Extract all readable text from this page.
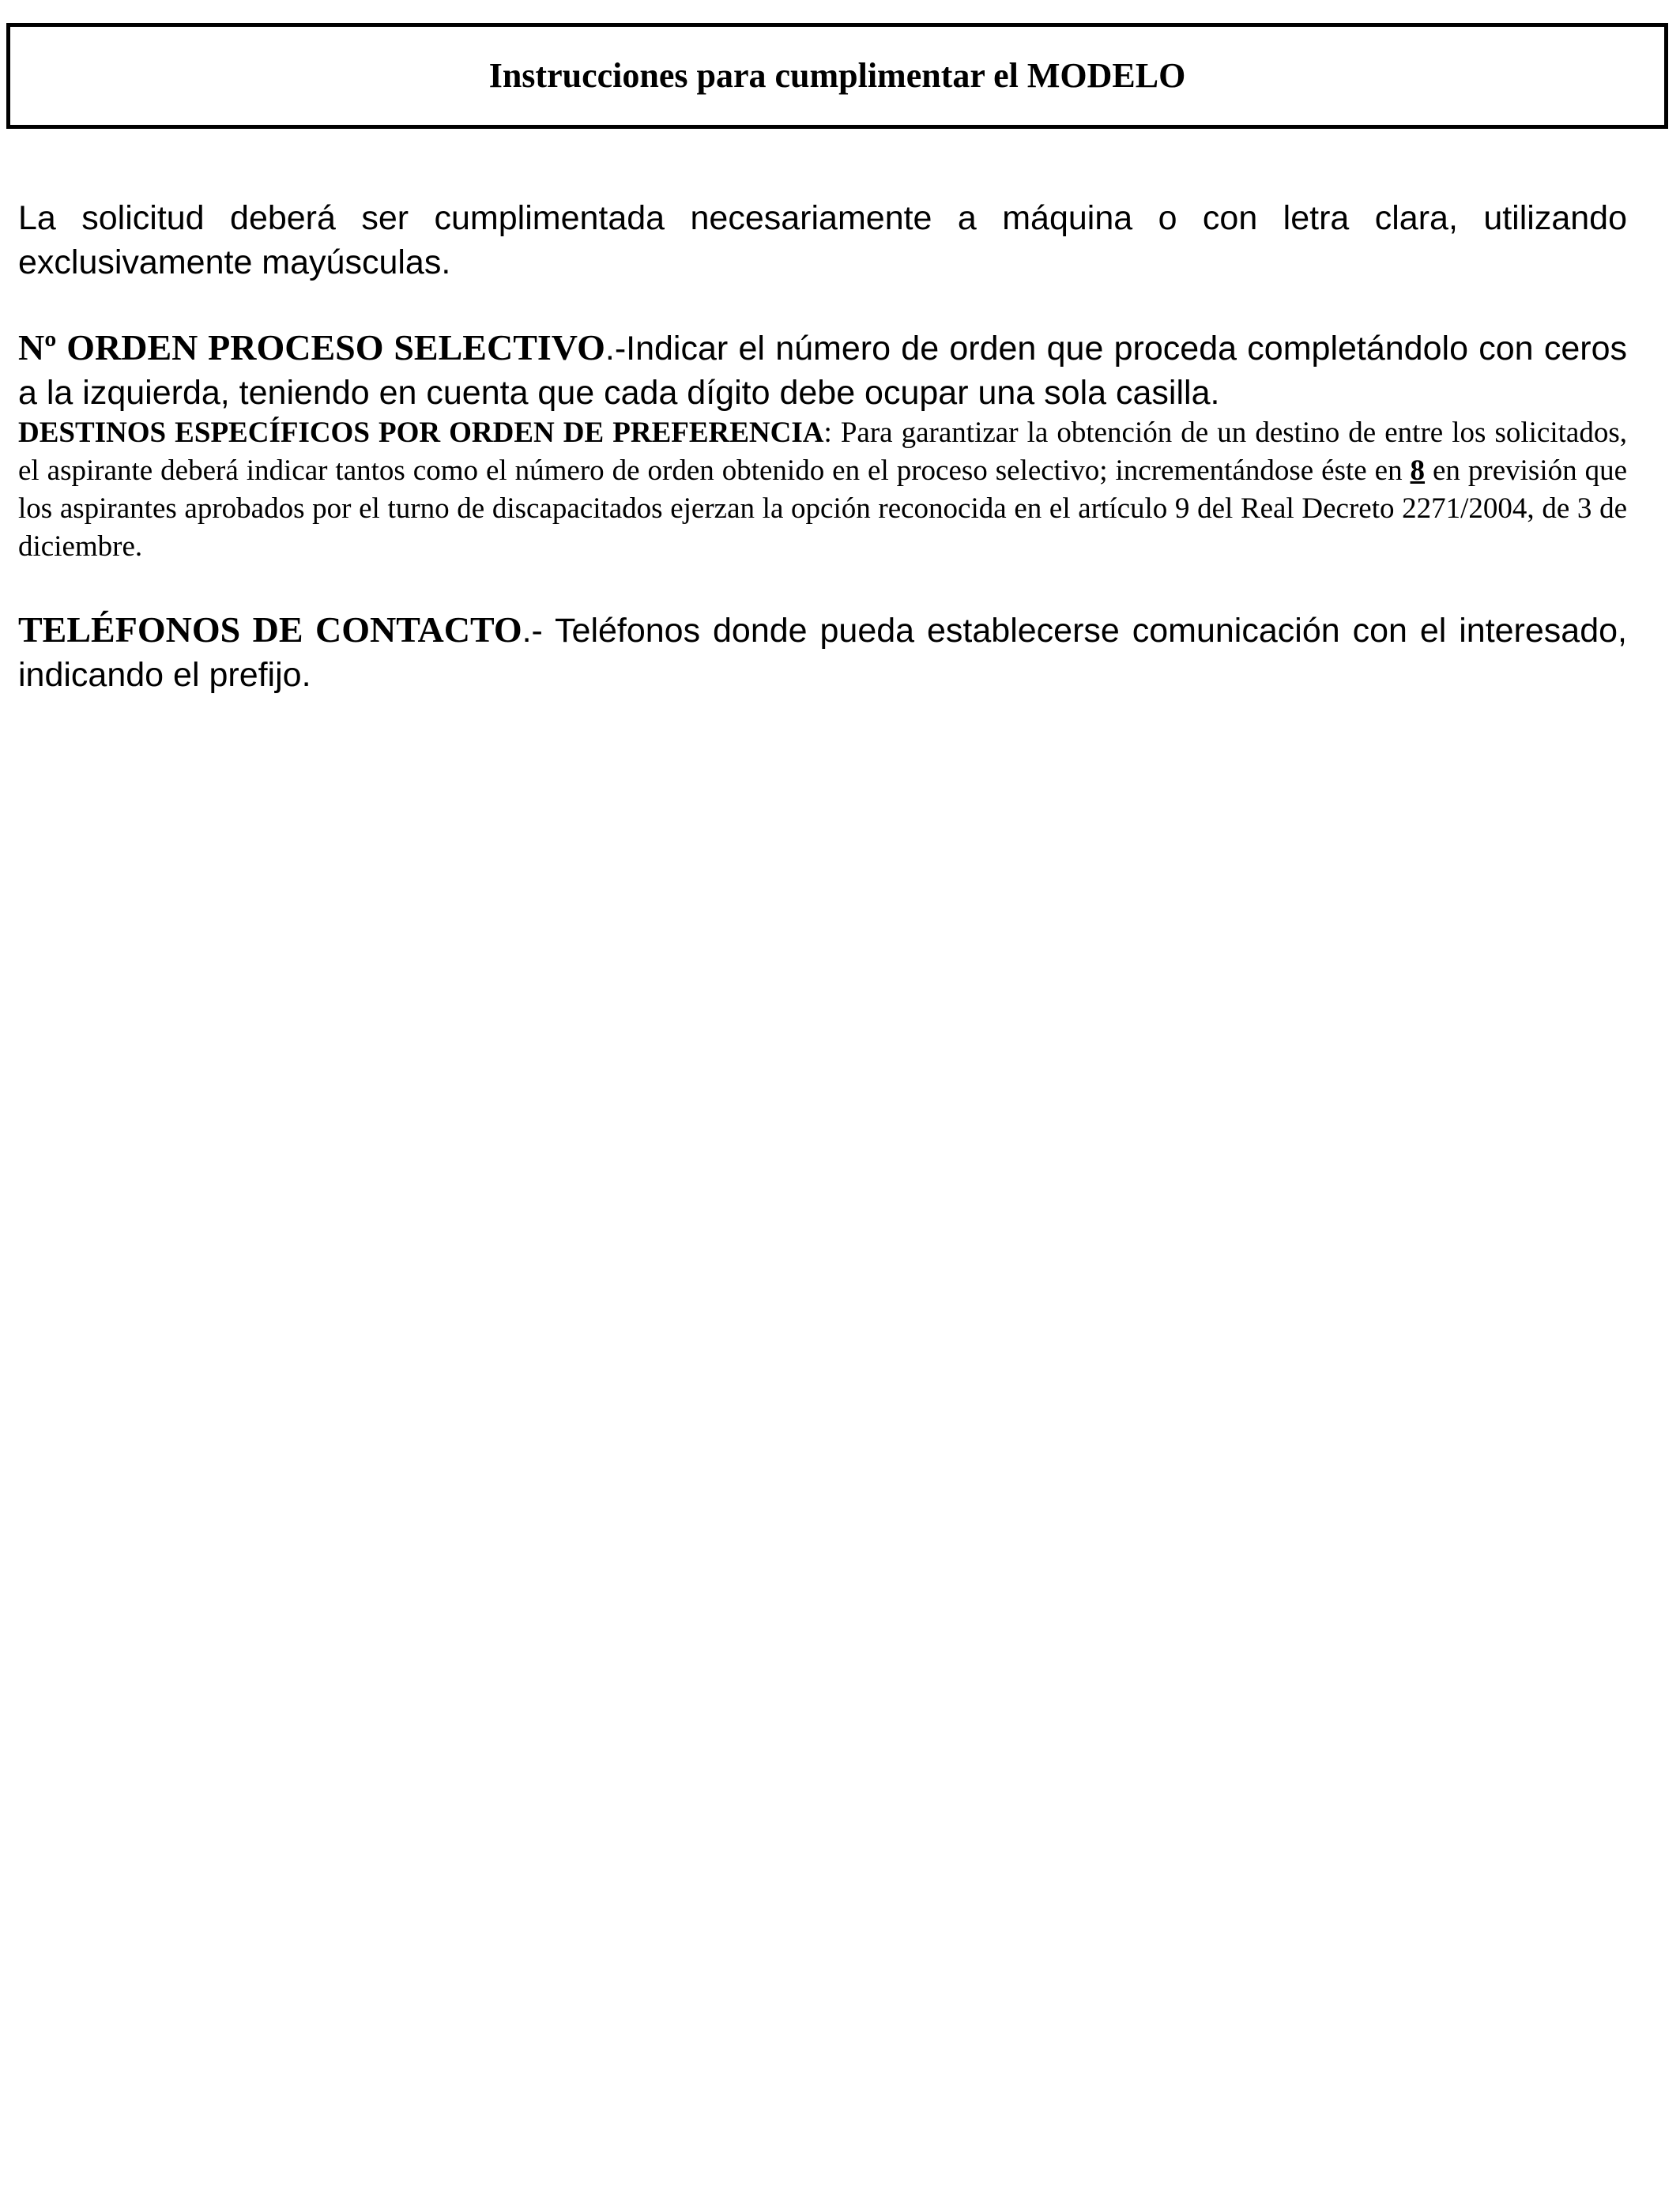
Instrucciones para cumplimentar el MODELO

La solicitud deberá ser cumplimentada necesariamente a máquina o con letra clara, utilizando exclusivamente mayúsculas.

Nº ORDEN PROCESO SELECTIVO.-Indicar el número de orden que proceda completándolo con ceros a la izquierda, teniendo en cuenta que cada dígito debe ocupar una sola casilla.

DESTINOS ESPECÍFICOS POR ORDEN DE PREFERENCIA: Para garantizar la obtención de un destino de entre los solicitados, el aspirante deberá indicar tantos como el número de orden obtenido en el proceso selectivo; incrementándose éste en 8 en previsión que los aspirantes aprobados por el turno de discapacitados ejerzan la opción reconocida en el artículo 9 del Real Decreto 2271/2004, de 3 de diciembre.

TELÉFONOS DE CONTACTO.- Teléfonos donde pueda establecerse comunicación con el interesado, indicando el prefijo.
